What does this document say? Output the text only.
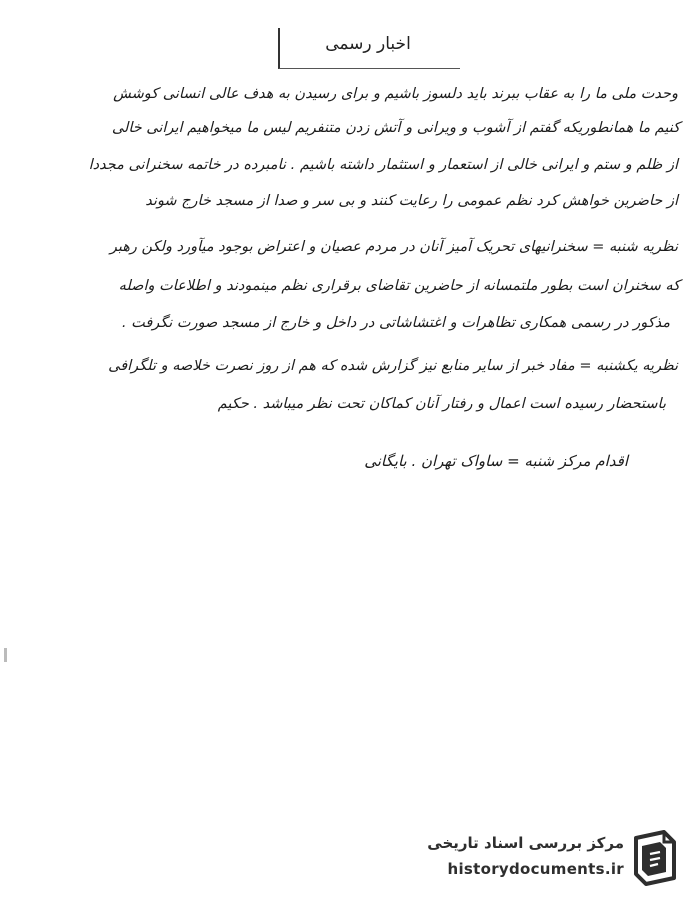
اخبار رسمی
وحدت ملی ما را به عقاب ببرند باید دلسوز باشیم و برای رسیدن به هدف عالی انسانی کوشش
کنیم ما همانطوریکه گفتم از آشوب و ویرانی و آتش زدن متنفریم لیس ما میخواهیم ایرانی خالی
از ظلم و ستم و ایرانی خالی از استعمار و استثمار داشته باشیم . نامبرده در خاتمه سخنرانی مجددا
از حاضرین خواهش کرد نظم عمومی را رعایت کنند و بی سر و صدا از مسجد خارج شوند
نظریه شنبه = سخنرانیهای تحریک آمیز آنان در مردم عصیان و اعتراض بوجود میآورد ولکن رهبر
که سخنران است بطور ملتمسانه از حاضرین تقاضای برقراری نظم مینمودند و اطلاعات واصله
مذکور در رسمی همکاری تظاهرات و اغتشاشاتی در داخل و خارج از مسجد صورت نگرفت .
نظریه یکشنبه = مفاد خبر از سایر منابع نیز گزارش شده که هم از روز نصرت خلاصه و تلگرافی
باستحضار رسیده است اعمال و رفتار آنان کماکان تحت نظر میباشد . حکیم
اقدام مرکز شنبه = ساواک تهران . بایگانی
مرکز بررسی اسناد تاریخی
historydocuments.ir
